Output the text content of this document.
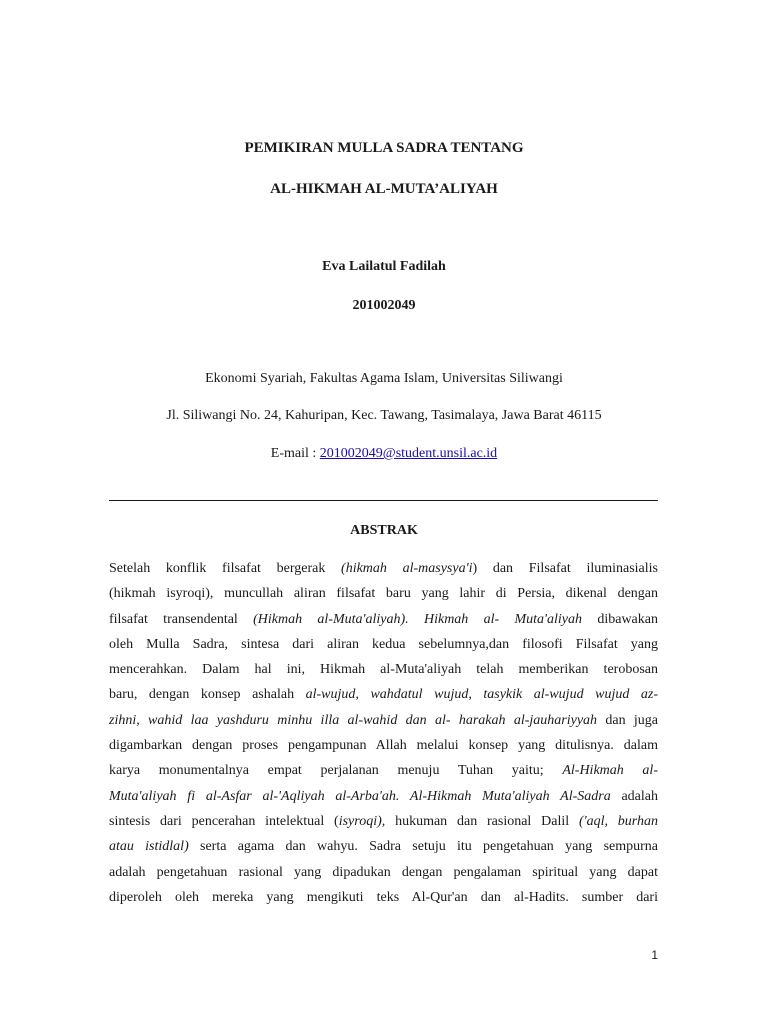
PEMIKIRAN MULLA SADRA TENTANG
AL-HIKMAH AL-MUTA’ALIYAH
Eva Lailatul Fadilah
201002049
Ekonomi Syariah, Fakultas Agama Islam, Universitas Siliwangi
Jl. Siliwangi No. 24, Kahuripan, Kec. Tawang, Tasimalaya, Jawa Barat 46115
E-mail : 201002049@student.unsil.ac.id
ABSTRAK
Setelah konflik filsafat bergerak (hikmah al-masysya'i) dan Filsafat iluminasialis
(hikmah isyroqi), muncullah aliran filsafat baru yang lahir di Persia, dikenal dengan
filsafat transendental (Hikmah al-Muta'aliyah). Hikmah al- Muta'aliyah dibawakan
oleh Mulla Sadra, sintesa dari aliran kedua sebelumnya,dan filosofi Filsafat yang
mencerahkan. Dalam hal ini, Hikmah al-Muta'aliyah telah memberikan terobosan
baru, dengan konsep ashalah al-wujud, wahdatul wujud, tasykik al-wujud wujud az-
zihni, wahid laa yashduru minhu illa al-wahid dan al- harakah al-jauhariyyah dan juga
digambarkan dengan proses pengampunan Allah melalui konsep yang ditulisnya. dalam
karya monumentalnya empat perjalanan menuju Tuhan yaitu; Al-Hikmah al-
Muta'aliyah fi al-Asfar al-'Aqliyah al-Arba'ah. Al-Hikmah Muta'aliyah Al-Sadra adalah
sintesis dari pencerahan intelektual (isyroqi), hukuman dan rasional Dalil ('aql, burhan
atau istidlal) serta agama dan wahyu. Sadra setuju itu pengetahuan yang sempurna
adalah pengetahuan rasional yang dipadukan dengan pengalaman spiritual yang dapat
diperoleh oleh mereka yang mengikuti teks Al-Qur'an dan al-Hadits. sumber dari
1
